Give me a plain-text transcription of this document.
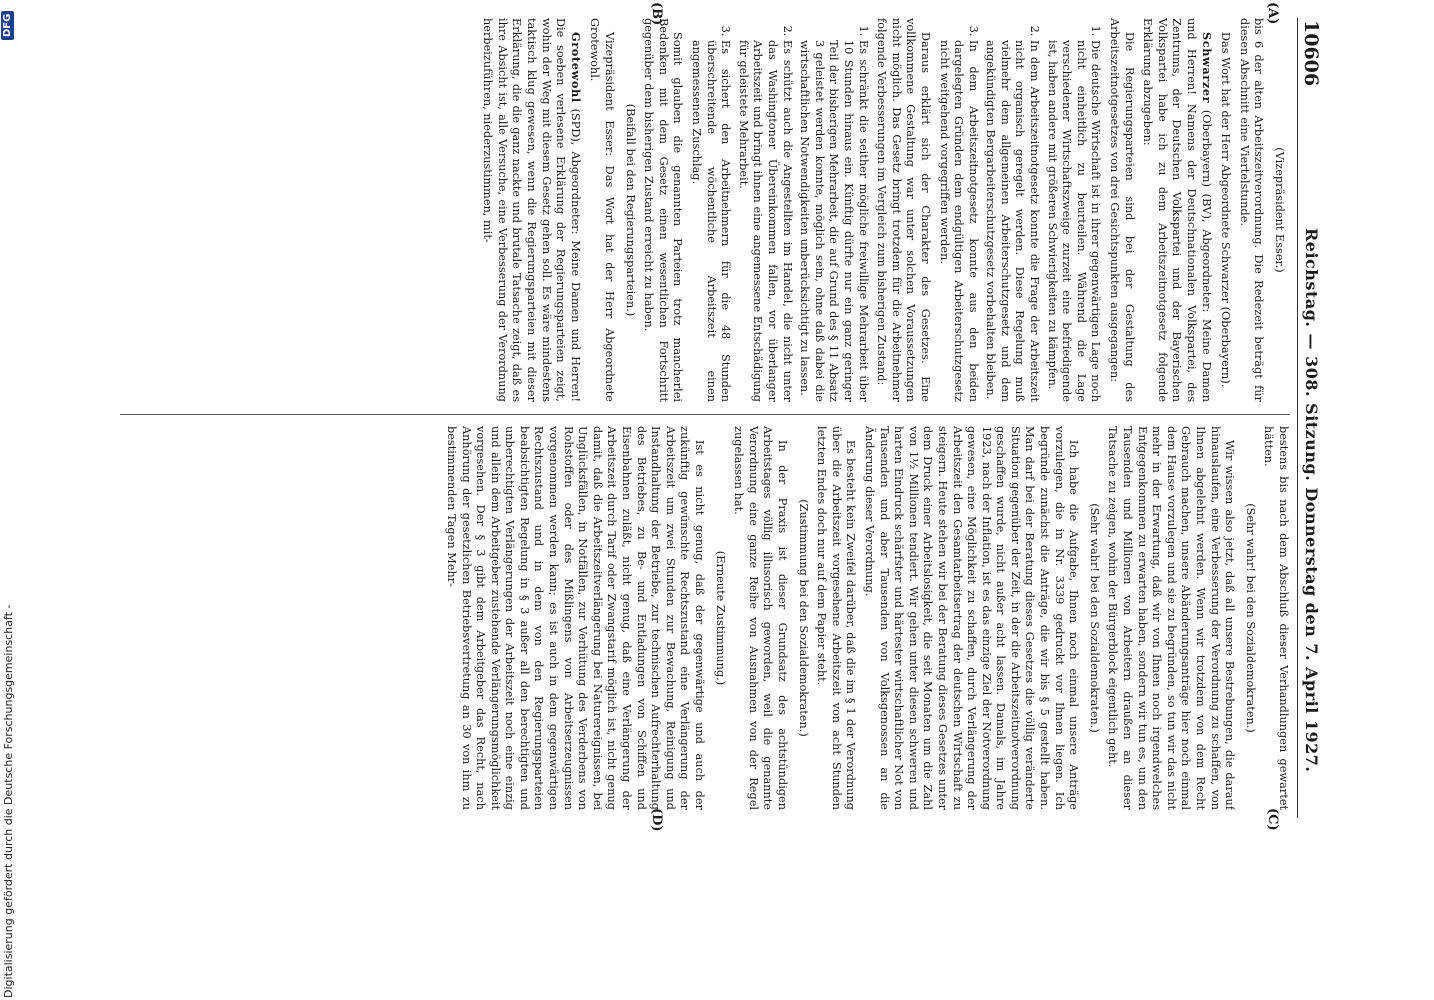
10606
Reichstag. — 308. Sitzung. Donnerstag den 7. April 1927.
(A)
(B)
(C)
(D)

(Vizepräsident Esser.)

bis 6 der alten Arbeitszeitverordnung. Die Redezeit beträgt für diesen Abschnitt eine Viertelstunde.

Das Wort hat der Herr Abgeordnete Schwarzer (Oberbayern).

Schwarzer (Oberbayern) (BV), Abgeordneter: Meine Damen und Herren! Namens der Deutschnationalen Volkspartei, des Zentrums, der Deutschen Volkspartei und der Bayerischen Volkspartei habe ich zu dem Arbeitszeitnotgesetz folgende Erklärung abzugeben:

Die Regierungsparteien sind bei der Gestaltung des Arbeitszeitnotgesetzes von drei Gesichtspunkten ausgegangen:

1. Die deutsche Wirtschaft ist in ihrer gegenwärtigen Lage noch nicht einheitlich zu beurteilen. Während die Lage verschiedener Wirtschaftszweige zurzeit eine befriedigende ist, haben andere mit größeren Schwierigkeiten zu kämpfen.
2. In dem Arbeitszeitnotgesetz konnte die Frage der Arbeitszeit nicht organisch geregelt werden. Diese Regelung muß vielmehr dem allgemeinen Arbeiterschutzgesetz und dem angekündigten Bergarbeiterschutzgesetz vorbehalten bleiben.
3. In dem Arbeitszeitnotgesetz konnte aus den beiden dargelegten Gründen dem endgültigen Arbeiterschutzgesetz nicht weitgehend vorgegriffen werden.

Daraus erklärt sich der Charakter des Gesetzes. Eine vollkommene Gestaltung war unter solchen Voraussetzungen nicht möglich. Das Gesetz bringt trotzdem für die Arbeitnehmer folgende Verbesserungen im Vergleich zum bisherigen Zustand:

1. Es schränkt die seither mögliche freiwillige Mehrarbeit über 10 Stunden hinaus ein. Künftig dürfte nur ein ganz geringer Teil der bisherigen Mehrarbeit, die auf Grund des § 11 Absatz 3 geleistet werden konnte, möglich sein, ohne daß dabei die wirtschaftlichen Notwendigkeiten unberücksichtigt zu lassen.
2. Es schützt auch die Angestellten im Handel, die nicht unter das Washingtoner Übereinkommen fallen, vor überlanger Arbeitszeit und bringt ihnen eine angemessene Entschädigung für geleistete Mehrarbeit.
3. Es sichert den Arbeitnehmern für die 48 Stunden überschreitende wöchentliche Arbeitszeit einen angemessenen Zuschlag.

Somit glauben die genannten Parteien trotz mancherlei Bedenken mit dem Gesetz einen wesentlichen Fortschritt gegenüber dem bisherigen Zustand erreicht zu haben.

(Beifall bei den Regierungsparteien.)

Vizepräsident Esser: Das Wort hat der Herr Abgeordnete Grotewohl.

Grotewohl (SPD), Abgeordneter: Meine Damen und Herren! Die soeben verlesene Erklärung der Regierungsparteien zeigt, wohin der Weg mit diesem Gesetz gehen soll. Es wäre mindestens taktisch klug gewesen, wenn die Regierungsparteien mit dieser Erklärung, die die ganz nackte und brutale Tatsache zeigt, daß es ihre Absicht ist, alle Versuche, eine Verbesserung der Verordnung herbeizuführen, niederzustimmen, mit-

bestens bis nach dem Abschluß dieser Verhandlungen gewartet hätten.

(Sehr wahr! bei den Sozialdemokraten.)

Wir wissen also jetzt, daß all unsere Bestrebungen, die darauf hinauslaufen, eine Verbesserung der Verordnung zu schaffen, von Ihnen abgelehnt werden. Wenn wir trotzdem von dem Recht Gebrauch machen, unsere Abänderungsanträge hier noch einmal dem Hause vorzulegen und sie zu begründen, so tun wir das nicht mehr in der Erwartung, daß wir von Ihnen noch irgendwelches Entgegenkommen zu erwarten haben, sondern wir tun es, um den Tausenden und Millionen von Arbeitern draußen an dieser Tatsache zu zeigen, wohin der Bürgerblock eigentlich geht.

(Sehr wahr! bei den Sozialdemokraten.)

Ich habe die Aufgabe, Ihnen noch einmal unsere Anträge vorzulegen, die in Nr. 3339 gedruckt vor Ihnen liegen. Ich begründe zunächst die Anträge, die wir bis § 5 gestellt haben. Man darf bei der Beratung dieses Gesetzes die völlig veränderte Situation gegenüber der Zeit, in der die Arbeitszeitnotverordnung geschaffen wurde, nicht außer acht lassen. Damals, im Jahre 1923, nach der Inflation, ist es das einzige Ziel der Notverordnung gewesen, eine Möglichkeit zu schaffen, durch Verlängerung der Arbeitszeit den Gesamtarbeitsertrag der deutschen Wirtschaft zu steigern. Heute stehen wir bei der Beratung dieses Gesetzes unter dem Druck einer Arbeitslosigkeit, die seit Monaten um die Zahl von 1½ Millionen tendiert. Wir gehen unter diesen schweren und harten Eindruck schärfster und härtester wirtschaftlicher Not von Tausenden und aber Tausenden von Volksgenossen an die Änderung dieser Verordnung.

Es besteht kein Zweifel darüber, daß die im § 1 der Verordnung über die Arbeitszeit vorgesehene Arbeitszeit von acht Stunden letzten Endes doch nur auf dem Papier steht.

(Zustimmung bei den Sozialdemokraten.)

In der Praxis ist dieser Grundsatz des achtstündigen Arbeitstages völlig illusorisch geworden, weil die genannte Verordnung eine ganze Reihe von Ausnahmen von der Regel zugelassen hat.

(Erneute Zustimmung.)

Ist es nicht genug, daß der gegenwärtige und auch der zukünftig gewünschte Rechtszustand eine Verlängerung der Arbeitszeit um zwei Stunden zur Bewachung, Reinigung und Instandhaltung der Betriebe, zur technischen Aufrechterhaltung des Betriebes, zu Be- und Entladungen von Schiffen und Eisenbahnen zuläßt, nicht genug, daß eine Verlängerung der Arbeitszeit durch Tarif oder Zwangstarif möglich ist, nicht genug damit, daß die Arbeitszeitverlängerung bei Naturereignissen, bei Unglücksfällen, in Notfällen, zur Verhütung des Verderbens von Rohstoffen oder des Mißlingens von Arbeitserzeugnissen vorgenommen werden kann; es ist auch in dem gegenwärtigen Rechtszustand und in dem von den Regierungsparteien beabsichtigten Regelung in § 3 außer all den berechtigten und unberechtigten Verlängerungen der Arbeitszeit noch eine einzig und allein dem Arbeitgeber zustehende Verlängerungsmöglichkeit vorgesehen. Der § 3 gibt dem Arbeitgeber das Recht, nach Anhörung der gesetzlichen Betriebsvertretung an 30 von ihm zu bestimmenden Tagen Mehr-

Digitalisierung gefördert durch die Deutsche Forschungsgemeinschaft -
DFG
